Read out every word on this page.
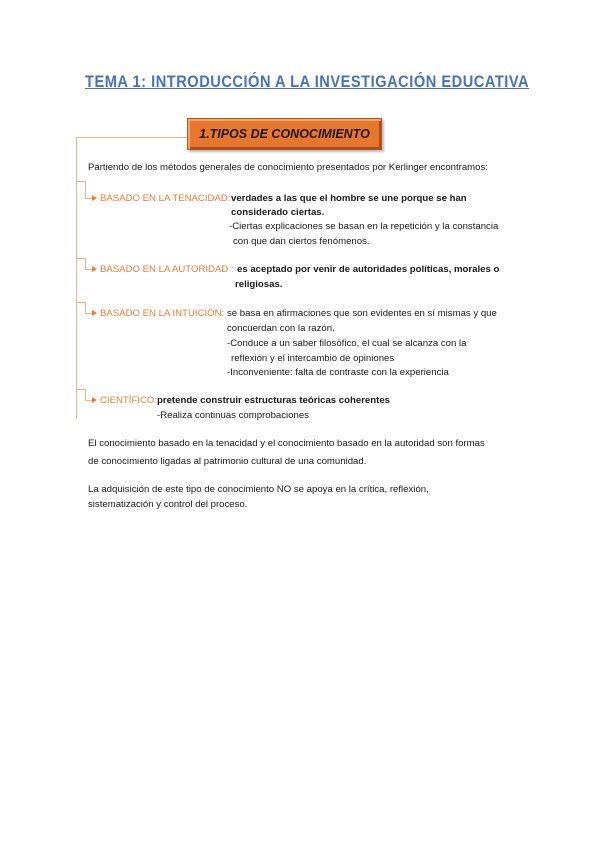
TEMA 1: INTRODUCCIÓN A LA INVESTIGACIÓN EDUCATIVA
1.TIPOS DE CONOCIMIENTO
Partiendo de los métodos generales de conocimiento presentados por Kerlinger encontramos:
BASADO EN LA TENACIDAD: verdades a las que el hombre se une porque se han
considerado ciertas.
-Ciertas explicaciones se basan en la repetición y la constancia
con que dan ciertos fenómenos.
BASADO EN LA AUTORIDAD : es aceptado por venir de autoridades políticas, morales o
religiosas.
BASADO EN LA INTUICIÓN: se basa en afirmaciones que son evidentes en sí mismas y que
concuerdan con la razón.
-Conduce a un saber filosófico, el cual se alcanza con la
reflexión y el intercambio de opiniones
-Inconveniente: falta de contraste con la experiencia
CIENTÍFICO: pretende construir estructuras teóricas coherentes
-Realiza continuas comprobaciones
El conocimiento basado en la tenacidad y el conocimiento basado en la autoridad son formas
de conocimiento ligadas al patrimonio cultural de una comunidad.
La adquisición de este tipo de conocimiento NO se apoya en la crítica, reflexión,
sistematización y control del proceso.
